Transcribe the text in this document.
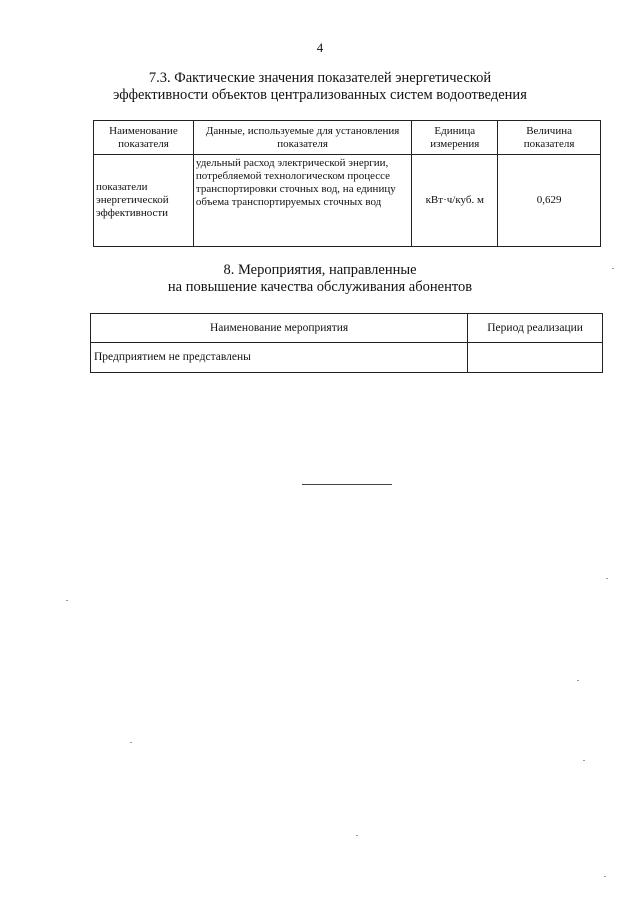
4
7.3. Фактические значения показателей энергетической
эффективности объектов централизованных систем водоотведения
Наименование показателя	Данные, используемые для установления показателя	Единица измерения	Величина показателя
показатели энергетической эффективности	удельный расход электрической энергии, потребляемой технологическом процессе транспортировки сточных вод, на единицу объема транспортируемых сточных вод	кВт·ч/куб. м	0,629
8. Мероприятия, направленные
на повышение качества обслуживания абонентов
Наименование мероприятия	Период реализации
Предприятием не представлены	
